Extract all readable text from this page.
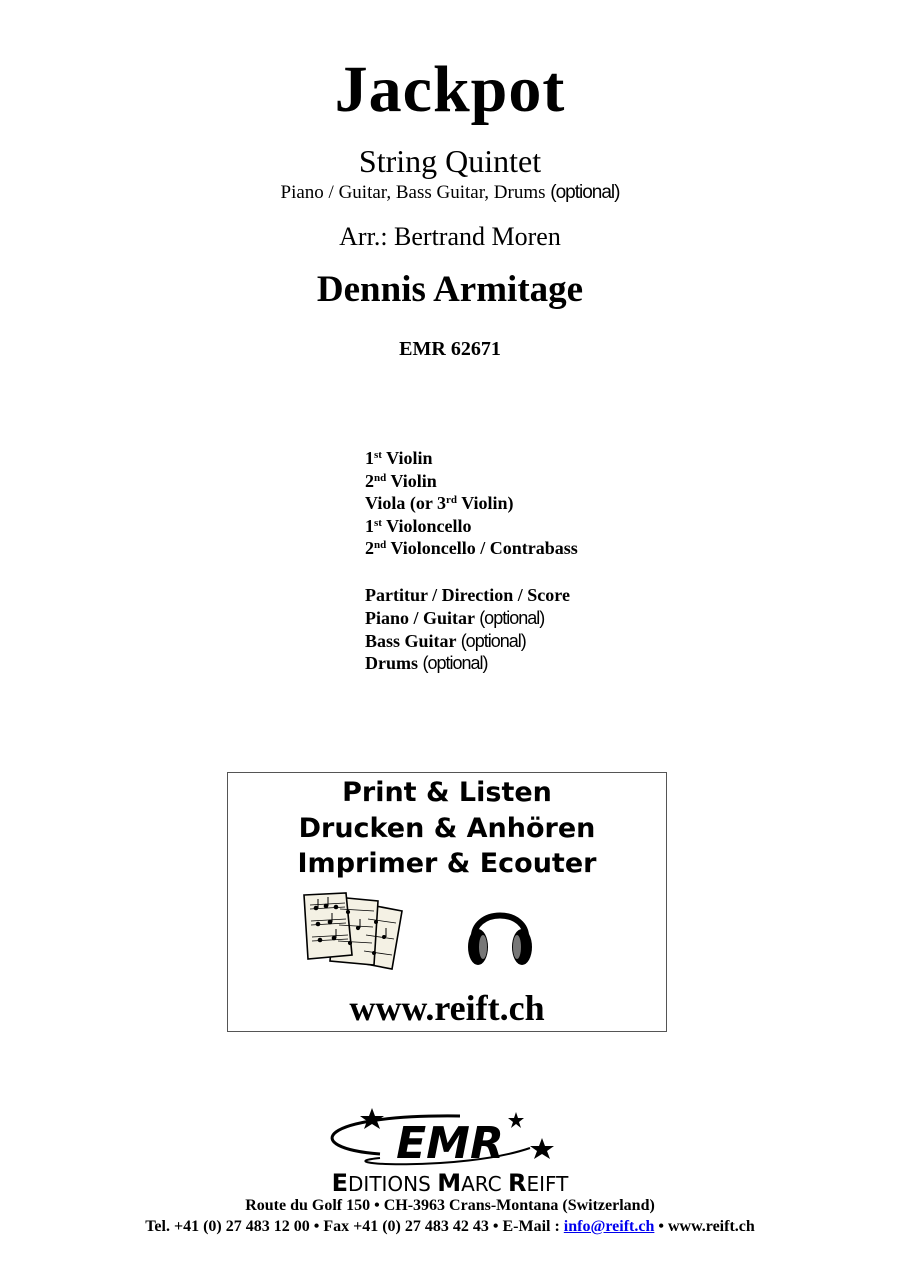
Jackpot
String Quintet
Piano / Guitar, Bass Guitar, Drums (optional)
Arr.: Bertrand Moren
Dennis Armitage
EMR 62671
1st Violin
2nd Violin
Viola (or 3rd Violin)
1st Violoncello
2nd Violoncello / Contrabass
Partitur / Direction / Score
Piano / Guitar (optional)
Bass Guitar (optional)
Drums (optional)
Print & Listen
Drucken & Anhören
Imprimer & Ecouter
www.reift.ch
EMR
EDITIONS MARC REIFT
Route du Golf 150 • CH-3963 Crans-Montana (Switzerland)
Tel. +41 (0) 27 483 12 00 • Fax +41 (0) 27 483 42 43 • E-Mail : info@reift.ch • www.reift.ch
